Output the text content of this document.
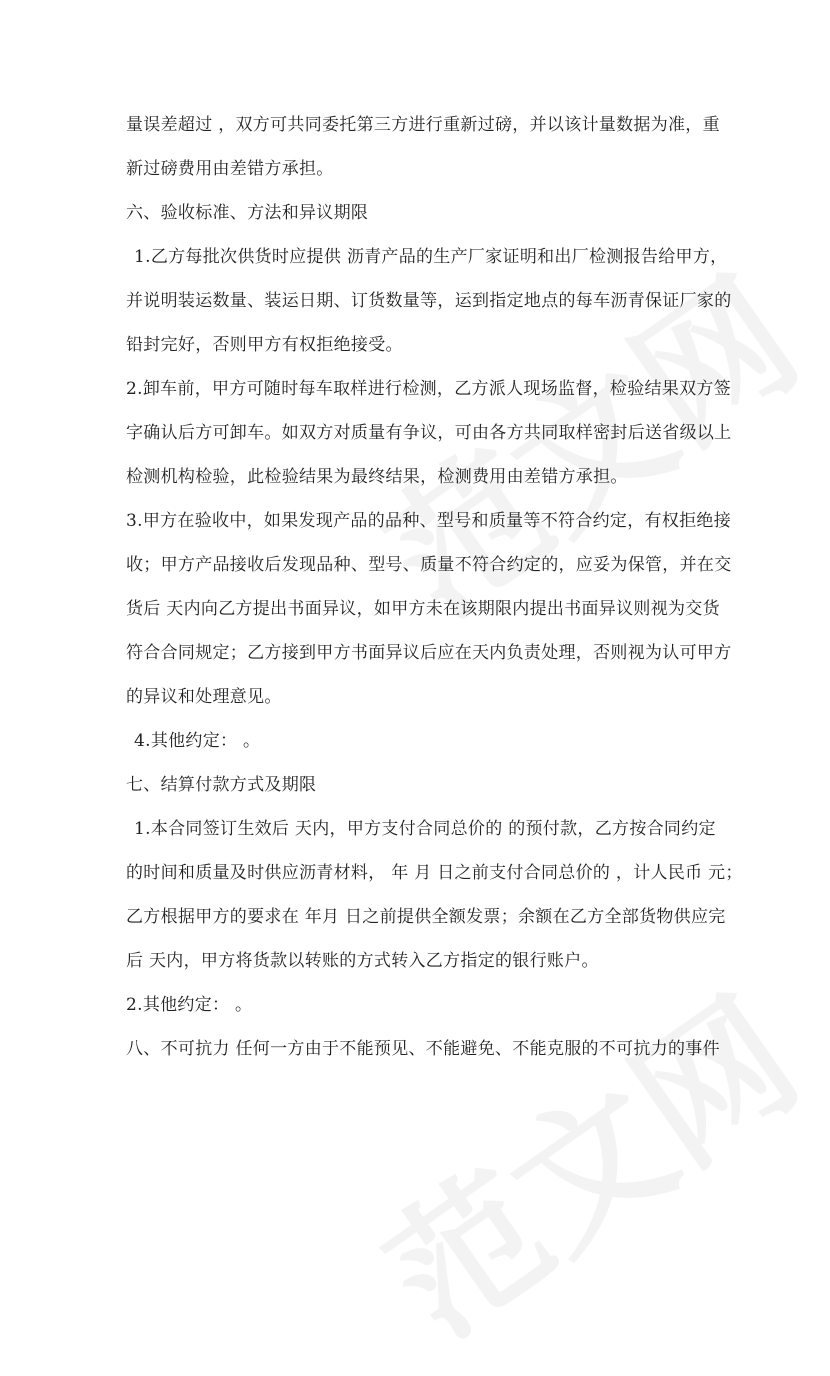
量误差超过 ，双方可共同委托第三方进行重新过磅，并以该计量数据为准，重
新过磅费用由差错方承担。
六、验收标准、方法和异议期限
1.乙方每批次供货时应提供 沥青产品的生产厂家证明和出厂检测报告给甲方，
并说明装运数量、装运日期、订货数量等，运到指定地点的每车沥青保证厂家的
铅封完好，否则甲方有权拒绝接受。
2.卸车前，甲方可随时每车取样进行检测，乙方派人现场监督，检验结果双方签
字确认后方可卸车。如双方对质量有争议，可由各方共同取样密封后送省级以上
检测机构检验，此检验结果为最终结果，检测费用由差错方承担。
3.甲方在验收中，如果发现产品的品种、型号和质量等不符合约定，有权拒绝接
收；甲方产品接收后发现品种、型号、质量不符合约定的，应妥为保管，并在交
货后 天内向乙方提出书面异议，如甲方未在该期限内提出书面异议则视为交货
符合合同规定；乙方接到甲方书面异议后应在天内负责处理，否则视为认可甲方
的异议和处理意见。
4.其他约定： 。
七、结算付款方式及期限
1.本合同签订生效后 天内，甲方支付合同总价的 的预付款，乙方按合同约定
的时间和质量及时供应沥青材料， 年 月 日之前支付合同总价的 ，计人民币 元；
乙方根据甲方的要求在 年月 日之前提供全额发票；余额在乙方全部货物供应完
后 天内，甲方将货款以转账的方式转入乙方指定的银行账户。
2.其他约定： 。
八、不可抗力 任何一方由于不能预见、不能避免、不能克服的不可抗力的事件
